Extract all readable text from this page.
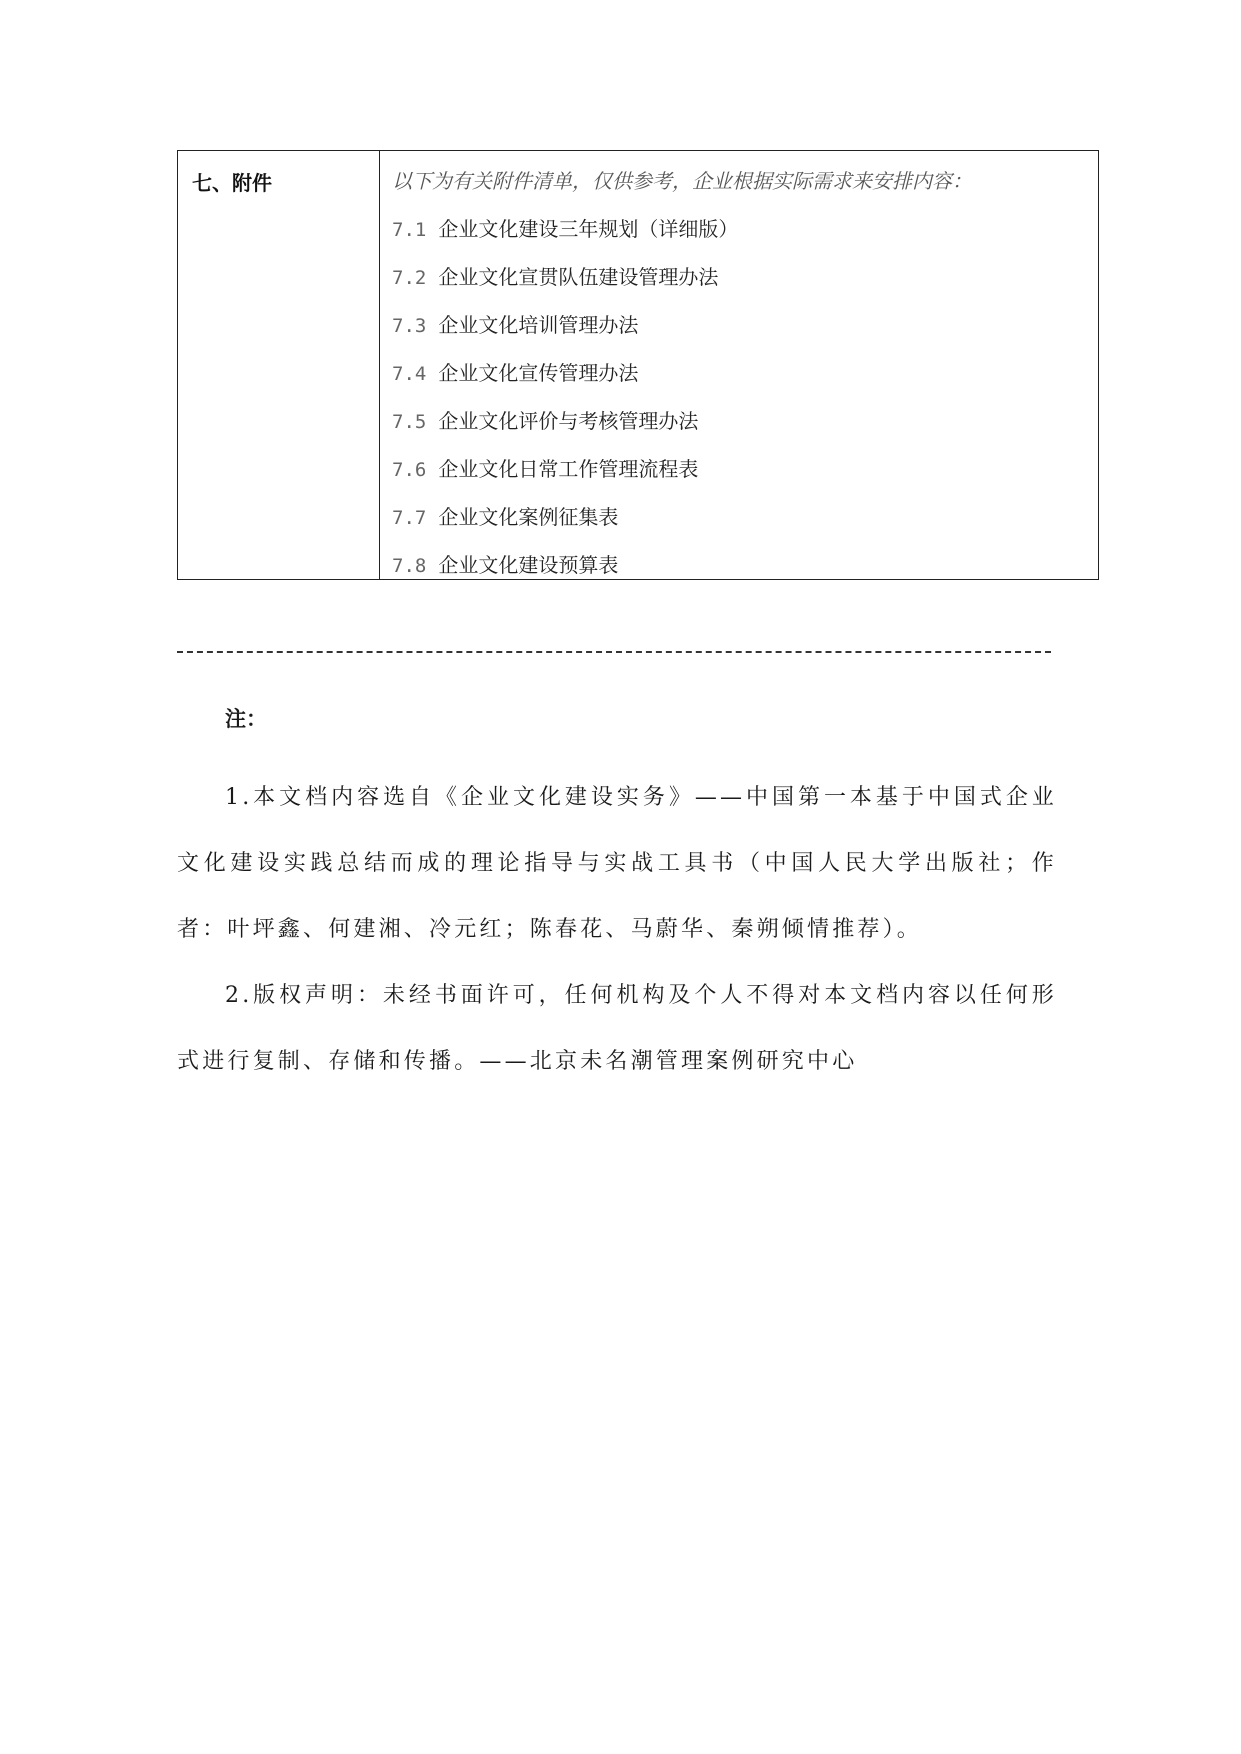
七、附件	以下为有关附件清单，仅供参考，企业根据实际需求来安排内容：
7.1 企业文化建设三年规划（详细版）
7.2 企业文化宣贯队伍建设管理办法
7.3 企业文化培训管理办法
7.4 企业文化宣传管理办法
7.5 企业文化评价与考核管理办法
7.6 企业文化日常工作管理流程表
7.7 企业文化案例征集表
7.8 企业文化建设预算表
注：

1.本文档内容选自《企业文化建设实务》——中国第一本基于中国式企业文化建设实践总结而成的理论指导与实战工具书（中国人民大学出版社；作者：叶坪鑫、何建湘、冷元红；陈春花、马蔚华、秦朔倾情推荐）。

2.版权声明：未经书面许可，任何机构及个人不得对本文档内容以任何形式进行复制、存储和传播。——北京未名潮管理案例研究中心
